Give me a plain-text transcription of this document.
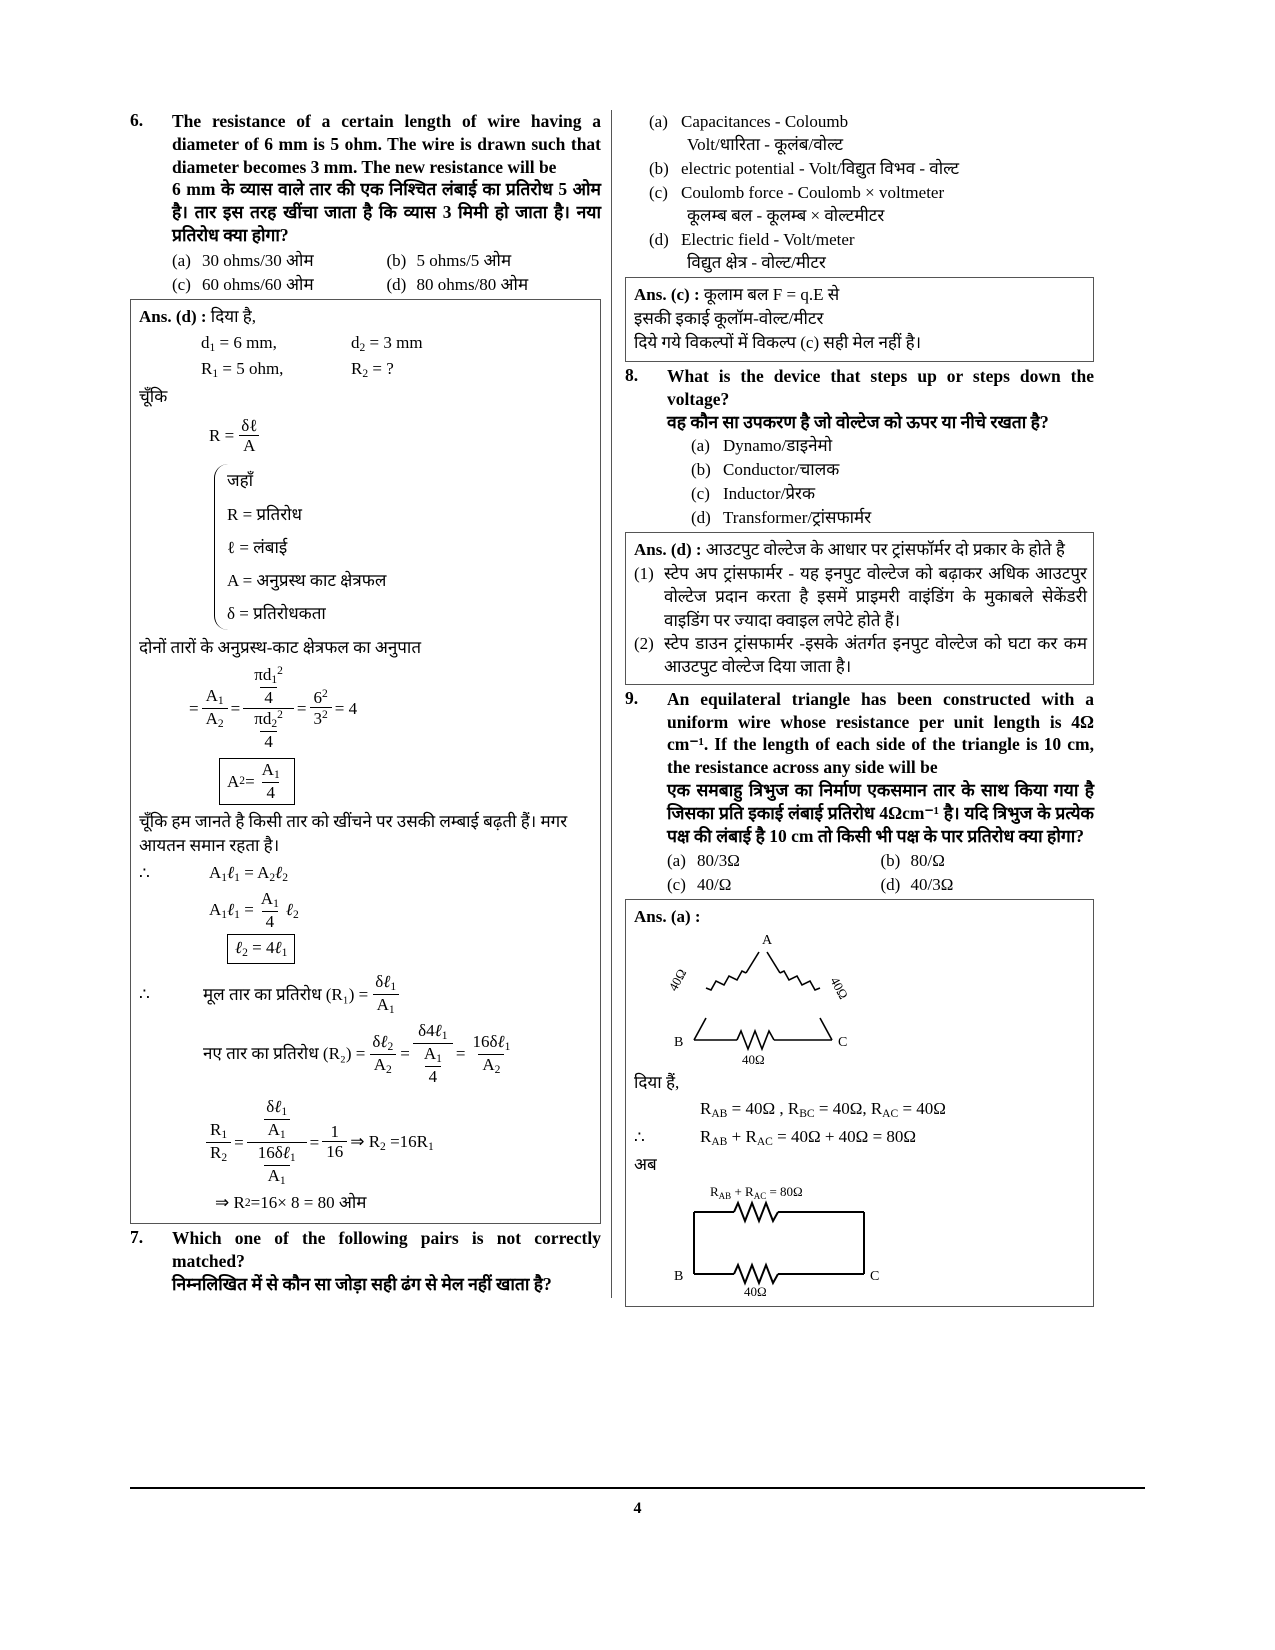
6.	The resistance of a certain length of wire having a diameter of 6 mm is 5 ohm. The wire is drawn such that diameter becomes 3 mm. The new resistance will be
6 mm के व्यास वाले तार की एक निश्चित लंबाई का प्रतिरोध 5 ओम है। तार इस तरह खींचा जाता है कि व्यास 3 मिमी हो जाता है। नया प्रतिरोध क्या होगा?
(a) 30 ohms/30 ओम	(b) 5 ohms/5 ओम
(c) 60 ohms/60 ओम	(d) 80 ohms/80 ओम
Ans. (d) : दिया है,
$d_1 = 6$ mm,	$d_2 = 3$ mm
$R_1 = 5$ ohm,	$R_2$ = ?
चूँकि
$R = \frac{\text{δℓ}}{A}$
जहाँ
R = प्रतिरोध
ℓ = लंबाई
A = अनुप्रस्थ काट क्षेत्रफल
δ = प्रतिरोधकता
दोनों तारों के अनुप्रस्थ-काट क्षेत्रफल का अनुपात
= $\frac{A_1}{A_2} = \frac{\frac{\pi d_1^2}{4}}{\frac{\pi d_2^2}{4}} = \frac{6^2}{3^2} = 4$
A $2 = \frac{A_1}{4}$
चूँकि हम जानते है किसी तार को खींचने पर उसकी लम्बाई बढ़ती हैं। मगर आयतन समान रहता है।
∴	$A_1\ell_1$ = $A_2\ell_2$
$A_1\ell_1 = \frac{A_1}{4}$ ℓ$_2$
ℓ$_2$ = 4ℓ$_1$
∴	मूल तार का प्रतिरोध $(R_1) = \frac{\delta\ell_1}{A_1}$
नए तार का प्रतिरोध $(R_2) = \frac{\delta\ell_2}{A_2} = \frac{\delta 4\ell_1}{\frac{A_1}{4}} = \frac{16\delta\ell_1}{A_2}$
$\frac{R_1}{R_2} = \frac{\frac{\delta\ell_1}{A_1}}{\frac{16\delta\ell_1}{A_1}} = \frac{1}{16}$ ⇒ $R_2 =16R_1$
⇒ R 2 =16× 8 = 80 ओम
7.	Which one of the following pairs is not correctly matched?
निम्नलिखित में से कौन सा जोड़ा सही ढंग से मेल नहीं खाता है?
(a) Capacitances - Coloumb
Volt/धारिता - कूलंब/वोल्ट
(b) electric potential - Volt/विद्युत विभव - वोल्ट
(c) Coulomb force - Coulomb × voltmeter
कूलम्ब बल - कूलम्ब × वोल्टमीटर
(d) Electric field - Volt/meter
विद्युत क्षेत्र - वोल्ट/मीटर
Ans. (c) : कूलाम बल F = q.E से
इसकी इकाई कूलॉम-वोल्ट/मीटर
दिये गये विकल्पों में विकल्प (c) सही मेल नहीं है।
8.	What is the device that steps up or steps down the voltage?
वह कौन सा उपकरण है जो वोल्टेज को ऊपर या नीचे रखता है?
(a) Dynamo/डाइनेमो
(b) Conductor/चालक
(c) Inductor/प्रेरक
(d) Transformer/ट्रांसफार्मर
Ans. (d) : आउटपुट वोल्टेज के आधार पर ट्रांसफॉर्मर दो प्रकार के होते है
(1) स्टेप अप ट्रांसफार्मर - यह इनपुट वोल्टेज को बढ़ाकर अधिक आउटपुर वोल्टेज प्रदान करता है इसमें प्राइमरी वाइंडिंग के मुकाबले सेकेंडरी वाइडिंग पर ज्यादा क्वाइल लपेटे होते हैं।
(2) स्टेप डाउन ट्रांसफार्मर -इसके अंतर्गत इनपुट वोल्टेज को घटा कर कम आउटपुट वोल्टेज दिया जाता है।
9.	An equilateral triangle has been constructed with a uniform wire whose resistance per unit length is 4Ω cm⁻¹. If the length of each side of the triangle is 10 cm, the resistance across any side will be
एक समबाहु त्रिभुज का निर्माण एकसमान तार के साथ किया गया है जिसका प्रति इकाई लंबाई प्रतिरोध 4Ωcm⁻¹ है। यदि त्रिभुज के प्रत्येक पक्ष की लंबाई है 10 cm तो किसी भी पक्ष के पार प्रतिरोध क्या होगा?
(a) 80/3Ω	(b) 80/Ω
(c) 40/Ω	(d) 40/3Ω
Ans. (a) :
A
40Ω	40Ω
B	C
40Ω
दिया हैं,
$R_{AB} = 40\Omega$ , $R_{BC} = 40\Omega$, $R_{AC} = 40\Omega$
∴	$R_{AB} + R_{AC} = 40\Omega + 40\Omega = 80\Omega$
अब
$R_{AB} + R_{AC} = 80\Omega$
B	C
40Ω
4
